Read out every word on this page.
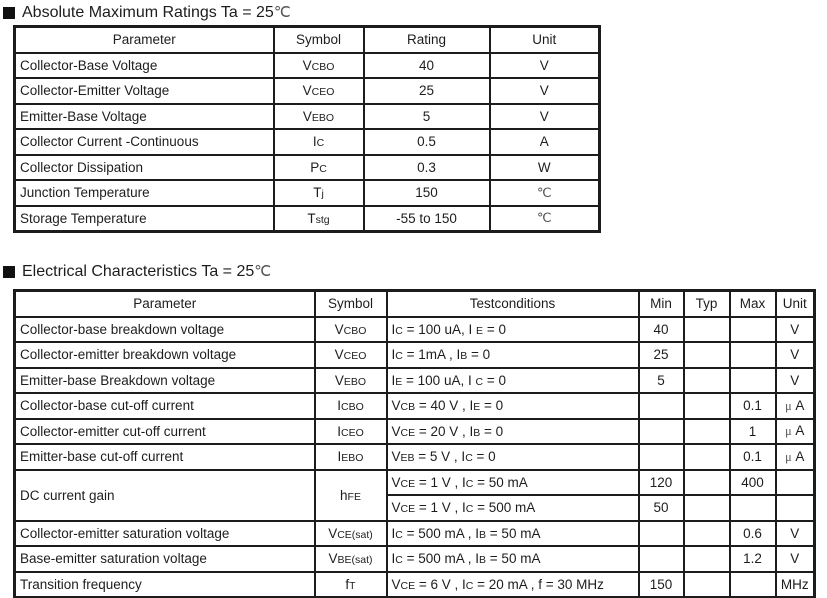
Absolute Maximum Ratings Ta = 25℃
Parameter	Symbol	Rating	Unit
Collector-Base Voltage	VCBO	40	V
Collector-Emitter Voltage	VCEO	25	V
Emitter-Base Voltage	VEBO	5	V
Collector Current -Continuous	IC	0.5	A
Collector Dissipation	PC	0.3	W
Junction Temperature	Tj	150	℃
Storage Temperature	Tstg	-55 to 150	℃
Electrical Characteristics Ta = 25℃
Parameter	Symbol	Testconditions	Min	Typ	Max	Unit
Collector-base breakdown voltage	VCBO	IC = 100 uA, I E = 0	40			V
Collector-emitter breakdown voltage	VCEO	IC = 1mA , IB = 0	25			V
Emitter-base Breakdown voltage	VEBO	IE = 100 uA, I C = 0	5			V
Collector-base cut-off current	ICBO	VCB = 40 V , IE = 0			0.1	μ A
Collector-emitter cut-off current	ICEO	VCE = 20 V , IB = 0			1	μ A
Emitter-base cut-off current	IEBO	VEB = 5 V , IC = 0			0.1	μ A
DC current gain	hFE	VCE = 1 V , IC = 50 mA	120		400	
		VCE = 1 V , IC = 500 mA	50			
Collector-emitter saturation voltage	VCE(sat)	IC = 500 mA , IB = 50 mA			0.6	V
Base-emitter saturation voltage	VBE(sat)	IC = 500 mA , IB = 50 mA			1.2	V
Transition frequency	fT	VCE = 6 V , IC = 20 mA , f = 30 MHz	150			MHz
